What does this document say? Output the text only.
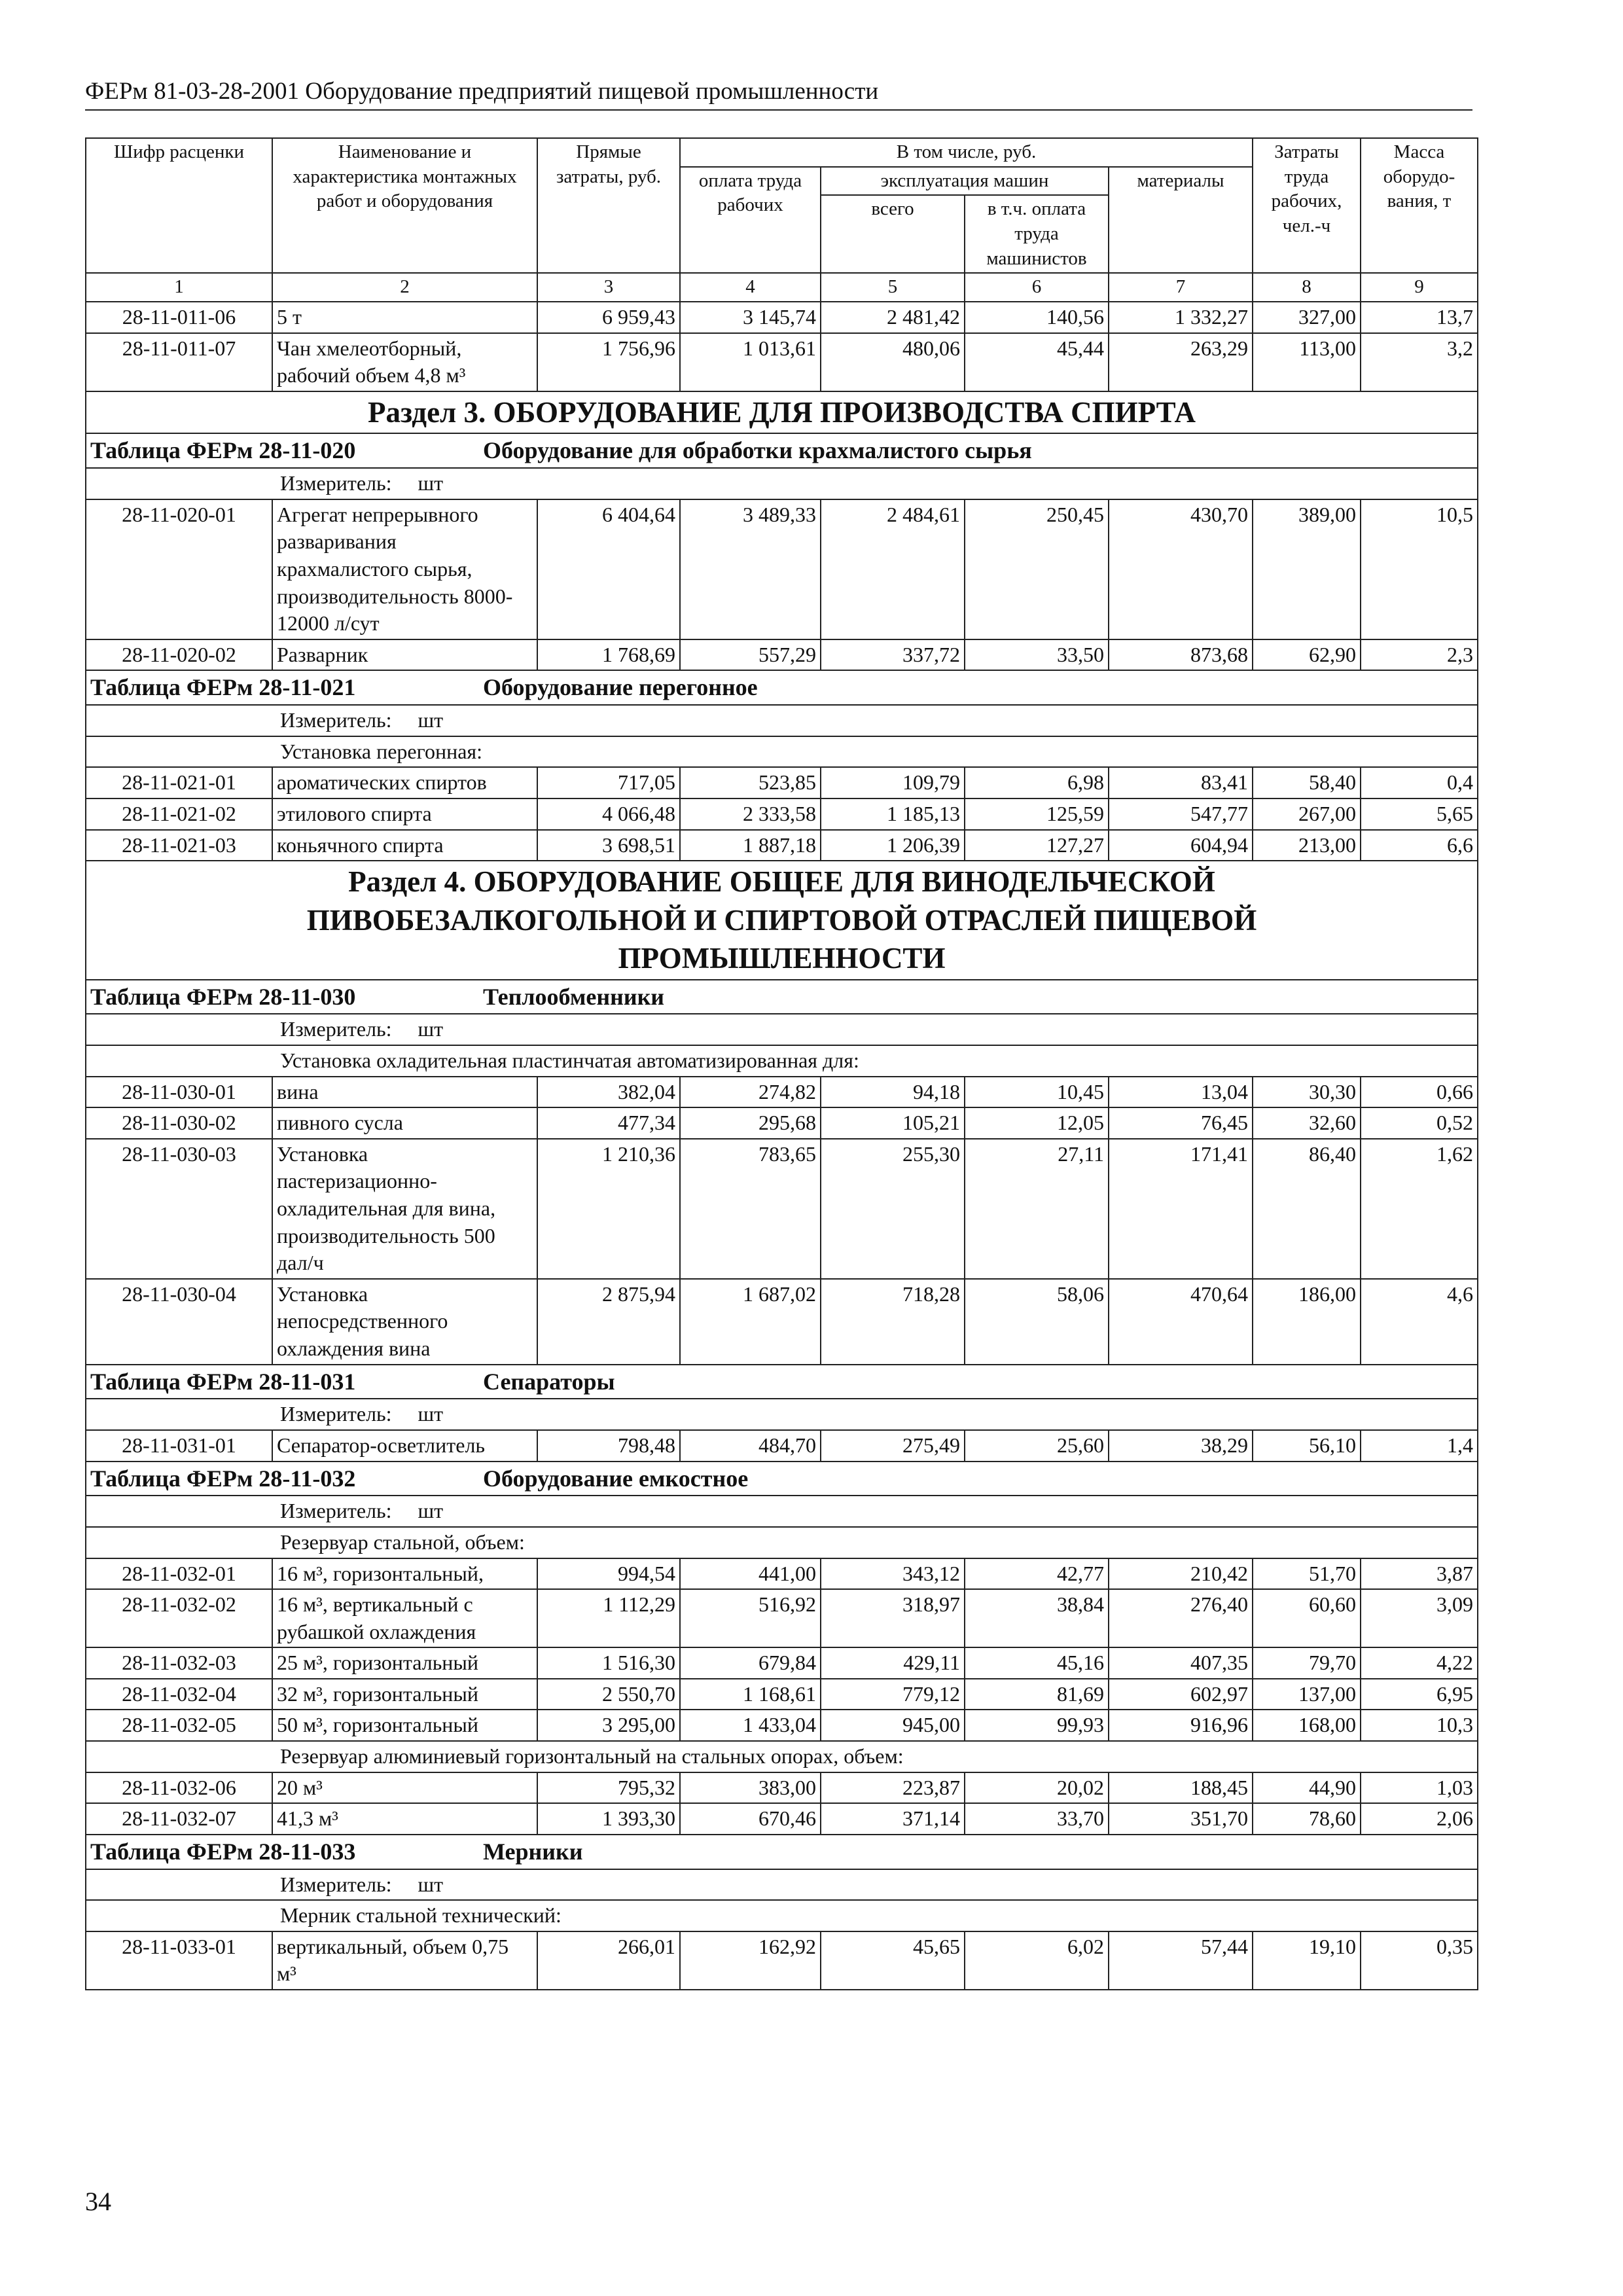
ФЕРм 81-03-28-2001 Оборудование предприятий пищевой промышленности
Шифр расценки	Наименование и характеристика монтажных работ и оборудования	Прямые затраты, руб.	В том числе, руб.				Затраты труда рабочих, чел.-ч	Масса оборудо-вания, т
			оплата труда рабочих	эксплуатация машин		материалы		
				всего	в т.ч. оплата труда машинистов			
1	2	3	4	5	6	7	8	9
28-11-011-06	5 т	6 959,43	3 145,74	2 481,42	140,56	1 332,27	327,00	13,7
28-11-011-07	Чан хмелеотборный, рабочий объем 4,8 м³	1 756,96	1 013,61	480,06	45,44	263,29	113,00	3,2

Раздел 3. ОБОРУДОВАНИЕ ДЛЯ ПРОИЗВОДСТВА СПИРТА								

Таблица ФЕРм 28-11-020 Оборудование для обработки крахмалистого сырья								
Измеритель:     шт								
28-11-020-01	Агрегат непрерывного разваривания крахмалистого сырья, производительность 8000-12000 л/сут	6 404,64	3 489,33	2 484,61	250,45	430,70	389,00	10,5
28-11-020-02	Разварник	1 768,69	557,29	337,72	33,50	873,68	62,90	2,3
Таблица ФЕРм 28-11-021 Оборудование перегонное								
Измеритель:     шт								
Установка перегонная:								
28-11-021-01	ароматических спиртов	717,05	523,85	109,79	6,98	83,41	58,40	0,4
28-11-021-02	этилового спирта	4 066,48	2 333,58	1 185,13	125,59	547,77	267,00	5,65
28-11-021-03	коньячного спирта	3 698,51	1 887,18	1 206,39	127,27	604,94	213,00	6,6

Раздел 4. ОБОРУДОВАНИЕ ОБЩЕЕ ДЛЯ ВИНОДЕЛЬЧЕСКОЙ
ПИВОБЕЗАЛКОГОЛЬНОЙ И СПИРТОВОЙ ОТРАСЛЕЙ ПИЩЕВОЙ
ПРОМЫШЛЕННОСТИ								

Таблица ФЕРм 28-11-030 Теплообменники								
Измеритель:     шт								
Установка охладительная пластинчатая автоматизированная для:								
28-11-030-01	вина	382,04	274,82	94,18	10,45	13,04	30,30	0,66
28-11-030-02	пивного сусла	477,34	295,68	105,21	12,05	76,45	32,60	0,52
28-11-030-03	Установка пастеризационно-охладительная для вина, производительность 500 дал/ч	1 210,36	783,65	255,30	27,11	171,41	86,40	1,62
28-11-030-04	Установка непосредственного охлаждения вина	2 875,94	1 687,02	718,28	58,06	470,64	186,00	4,6
Таблица ФЕРм 28-11-031 Сепараторы								
Измеритель:     шт								
28-11-031-01	Сепаратор-осветлитель	798,48	484,70	275,49	25,60	38,29	56,10	1,4
Таблица ФЕРм 28-11-032 Оборудование емкостное								
Измеритель:     шт								
Резервуар стальной, объем:								
28-11-032-01	16 м³, горизонтальный,	994,54	441,00	343,12	42,77	210,42	51,70	3,87
28-11-032-02	16 м³, вертикальный с рубашкой охлаждения	1 112,29	516,92	318,97	38,84	276,40	60,60	3,09
28-11-032-03	25 м³, горизонтальный	1 516,30	679,84	429,11	45,16	407,35	79,70	4,22
28-11-032-04	32 м³, горизонтальный	2 550,70	1 168,61	779,12	81,69	602,97	137,00	6,95
28-11-032-05	50 м³, горизонтальный	3 295,00	1 433,04	945,00	99,93	916,96	168,00	10,3
Резервуар алюминиевый горизонтальный на стальных опорах, объем:								
28-11-032-06	20 м³	795,32	383,00	223,87	20,02	188,45	44,90	1,03
28-11-032-07	41,3 м³	1 393,30	670,46	371,14	33,70	351,70	78,60	2,06
Таблица ФЕРм 28-11-033 Мерники								
Измеритель:     шт								
Мерник стальной технический:								
28-11-033-01	вертикальный, объем 0,75 м³	266,01	162,92	45,65	6,02	57,44	19,10	0,35
34
